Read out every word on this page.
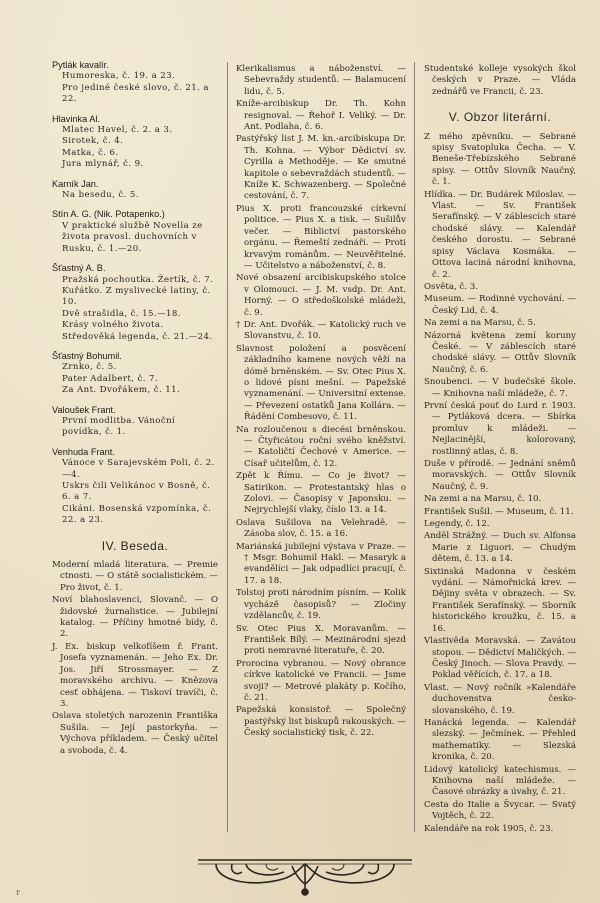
Pytlák kavalír.
Humoreska, č. 19. a 23.
Pro jediné české slovo, č. 21. a 22.
Hlavinka Al.
Mlatec Havel, č. 2. a 3.
Sirotek, č. 4.
Matka, č. 6.
Jura mlynář, č. 9.
Karník Jan.
Na besedu, č. 5.
Stín A. G. (Nik. Potapenko.)
V praktické službě Novella ze života pravosl. duchovních v Rusku, č. 1.—20.
Šťastný A. B.
Pražská pochoutka. Žertík, č. 7.
Kuřátko. Z myslivecké latiny, č. 10.
Dvě strašidla, č. 15.—18.
Krásy volného života. Středověká legenda, č. 21.—24.
Šťastný Bohumil.
Zrnko, č. 5.
Pater Adalbert, č. 7.
Za Ant. Dvořákem, č. 11.
Valoušek Frant.
První modlitba. Vánoční povídka, č. 1.
Venhuda Frant.
Vánoce v Sarajevském Poli, č. 2.—4.
Uskrs čili Velikánoc v Bosně, č. 6. a 7.
Cikáni. Bosenská vzpomínka, č. 22. a 23.
IV. Beseda.
Moderní mladá literatura. — Premie ctnosti. — O státě socialistickém. — Pro život, č. 1.
Noví blahoslavenci, Slovanč. — O židovské žurnalistice. — Jubilejní katalog. — Příčiny hmotné bídy, č. 2.
J. Ex. biskup velkofíšem ř. Frant. Josefa vyznamenán. — Jeho Ex. Dr. Jos. Jiří Strossmayer. — Z moravského archivu. — Knězova cesť obhájena. — Tiskoví travíči, č. 3.
Oslava stoletých narozenin Františka Sušila. — Její pastorkyňa. — Výchova příkladem. — Český učitel a svoboda, č. 4.
Klerikalismus a náboženství. — Sebevraždy studentů. — Balamucení lidu, č. 5.
Kníže-arcibiskup Dr. Th. Kohn resignoval. — Řehoř I. Veliký. — Dr. Ant. Podlaha, č. 6.
Pastýřský list J. M. kn.-arcibiskupa Dr. Th. Kohna. — Výbor Dědictví sv. Cyrilla a Methoděje. — Ke smutné kapitole o sebevraždách studentů. — Kníže K. Schwazenberg. — Společné cestování, č. 7.
Pius X. proti francouzské církevní politice. — Pius X. a tisk. — Sušilův večer. — Biblictví pastorského orgánu. — Řemeští zednáři. — Proti krvavým románům. — Neuvěřitelné. — Učitelstvo a náboženství, č. 8.
Nové obsazení arcibiskupského stolce v Olomouci. — J. M. vsdp. Dr. Ant. Horný. — O středoškolské mládeži, č. 9.
† Dr. Ant. Dvořák. — Katolický ruch ve Slovanstvu, č. 10.
Slavnost položení a posvěcení základního kamene nových věží na dómě brněnském. — Sv. Otec Pius X. o lidové písni mešní. — Papežské vyznamenání. — Universitní extense. — Převezení ostatků Jana Kollára. — Řádění Combesovo, č. 11.
Na rozloučenou s diecési brněnskou. — Čtyřicátou roční svého kněžství. — Katoličtí Čechové v Americe. — Císař učitelům, č. 12.
Zpět k Římu. — Co je život? — Satirikon. — Protestantský hlas o Zolovi. — Časopisy v Japonsku. — Nejrychlejší vlaky, číslo 13. a 14.
Oslava Sušilova na Velehradě. — Zásoba slov, č. 15. a 16.
Mariánská jubilejní výstava v Praze. — † Msgr. Bohumil Hakl. — Masaryk a evandělíci — Jak odpadlíci pracují, č. 17. a 18.
Tolstoj proti národním písním. — Kolik vycháze̋ časopisů? — Zločiny vzdělancův, č. 19.
Sv. Otec Pius X. Moravanům. — František Bílý. — Mezinárodní sjezd proti nemravné literatuře, č. 20.
Prorocina vybranou. — Nový obrance církve katolické ve Francii. — Jsme svoji? — Metrové plakáty p. Kočího, č. 21.
Papežská konsistoř. — Společný pastýřský list biskupů rakouských. — Český socialistický tisk, č. 22.
Studentské kolleje vysokých škol českých v Praze. — Vláda zednářů ve Francii, č. 23.
V. Obzor literární.
Z mého zpěvníku. — Sebrané spisy Svatopluka Čecha. — V. Beneše-Třebízského Sebrané spisy. — Ottův Slovník Naučný, č. 1.
Hlídka. — Dr. Budárek Miloslav. — Vlast. — Sv. František Serafínský. — V záblescích staré chodské slávy. — Kalendář českého dorostu. — Sebrané spisy Václava Kosmáka. — Ottova laciná národní knihovna, č. 2.
Osvěta, č. 3.
Museum. — Rodinné vychování. — Český Lid, č. 4.
Na zemi a na Marsu, č. 5.
Názorná květena zemí koruny České. — V záblescích staré chodské slávy. — Ottův Slovník Naučný, č. 6.
Snoubenci. — V budečské škole. — Knihovna naší mládeže, č. 7.
První česká pouť do Lurd r. 1903. — Pytláková dcera. — Sbírka promluv k mládeži. — Nejlacinější, kolorovaný, rostlinný atlas, č. 8.
Duše v přírodě. — Jednání sněmů moravských. — Ottův Slovník Naučný, č. 9.
Na zemi a na Marsu, č. 10.
František Sušil. — Museum, č. 11.
Legendy, č. 12.
Anděl Strážný. — Duch sv. Alfonsa Marie z Liguori. — Chudým dětem, č. 13. a 14.
Sixtinská Madonna v českém vydání. — Námořnická krev. — Dějiny světa v obrazech. — Sv. František Serafínský. — Sborník historického kroužku, č. 15. a 16.
Vlastivěda Moravská. — Zavátou stopou. — Dědictví Maličkých. — Český Jinoch. — Slova Pravdy. — Poklad věřících, č. 17. a 18.
Vlast. — Nový ročník »Kalendáře duchovenstva česko-slovanského, č. 19.
Hanácká legenda. — Kalendář slezský. — Ječmínek. — Přehled mathematiky. — Slezská kronika, č. 20.
Lidový katolický katechismus. — Knihovna naší mládeže. — Časové obrázky a úvahy, č. 21.
Cesta do Italie a Švycar. — Svatý Vojtěch, č. 22.
Kalendáře na rok 1905, č. 23.
r
